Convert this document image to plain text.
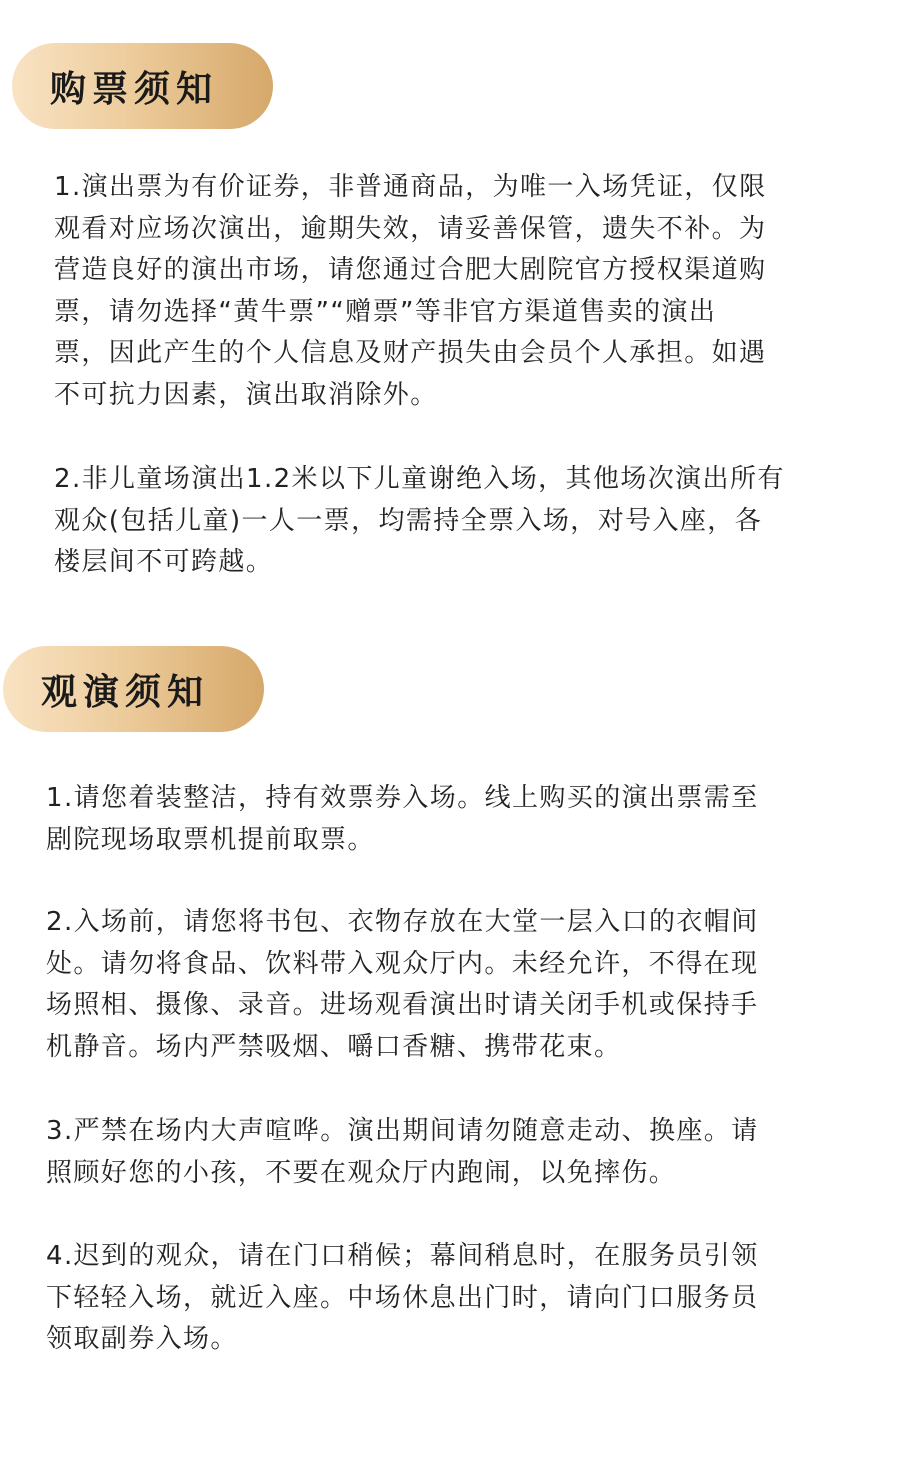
购票须知
1.演出票为有价证券，非普通商品，为唯一入场凭证，仅限
观看对应场次演出，逾期失效，请妥善保管，遗失不补。为
营造良好的演出市场，请您通过合肥大剧院官方授权渠道购
票，请勿选择“黄牛票”“赠票”等非官方渠道售卖的演出
票，因此产生的个人信息及财产损失由会员个人承担。如遇
不可抗力因素，演出取消除外。
2.非儿童场演出1.2米以下儿童谢绝入场，其他场次演出所有
观众(包括儿童)一人一票，均需持全票入场，对号入座，各
楼层间不可跨越。
观演须知
1.请您着装整洁，持有效票券入场。线上购买的演出票需至
剧院现场取票机提前取票。
2.入场前，请您将书包、衣物存放在大堂一层入口的衣帽间
处。请勿将食品、饮料带入观众厅内。未经允许，不得在现
场照相、摄像、录音。进场观看演出时请关闭手机或保持手
机静音。场内严禁吸烟、嚼口香糖、携带花束。
3.严禁在场内大声喧哗。演出期间请勿随意走动、换座。请
照顾好您的小孩，不要在观众厅内跑闹，以免摔伤。
4.迟到的观众，请在门口稍候；幕间稍息时，在服务员引领
下轻轻入场，就近入座。中场休息出门时，请向门口服务员
领取副券入场。
